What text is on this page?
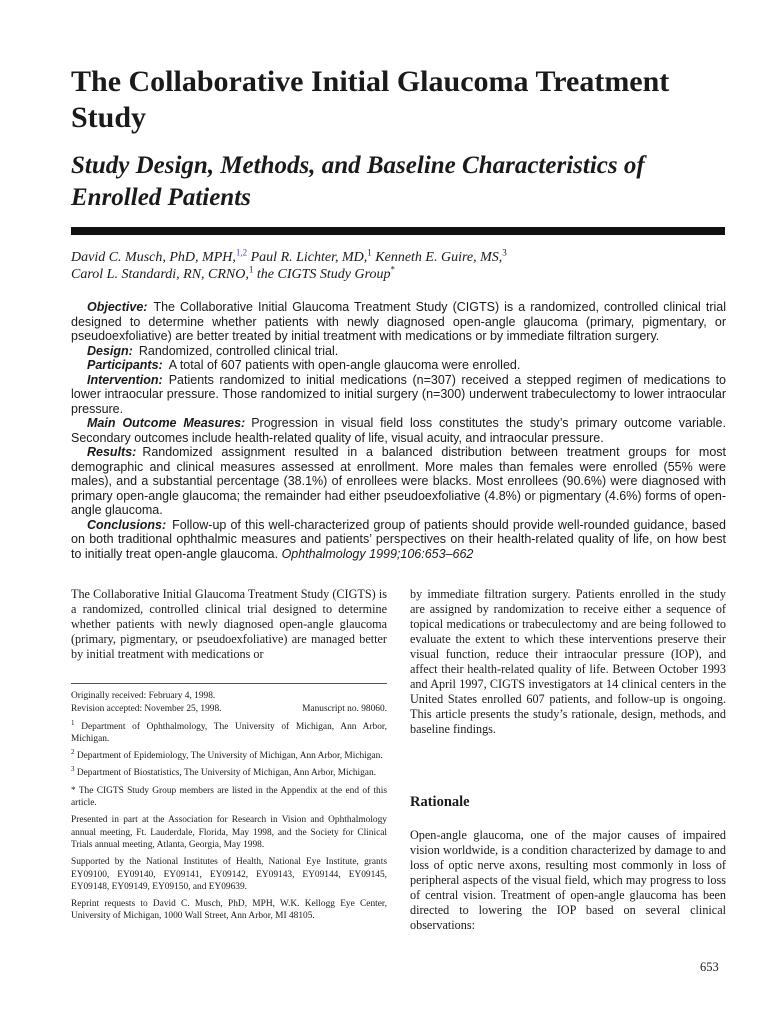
The Collaborative Initial Glaucoma Treatment Study
Study Design, Methods, and Baseline Characteristics of Enrolled Patients
David C. Musch, PhD, MPH,$^{1,2}$ Paul R. Lichter, MD,$^1$ Kenneth E. Guire, MS,$^3$
Carol L. Standardi, RN, CRNO,$^1$ the CIGTS Study Group*

Objective: The Collaborative Initial Glaucoma Treatment Study (CIGTS) is a randomized, controlled clinical trial designed to determine whether patients with newly diagnosed open-angle glaucoma (primary, pigmentary, or pseudoexfoliative) are better treated by initial treatment with medications or by immediate filtration surgery.

Design: Randomized, controlled clinical trial.

Participants: A total of 607 patients with open-angle glaucoma were enrolled.

Intervention: Patients randomized to initial medications (n=307) received a stepped regimen of medications to lower intraocular pressure. Those randomized to initial surgery (n=300) underwent trabeculectomy to lower intraocular pressure.

Main Outcome Measures: Progression in visual field loss constitutes the study’s primary outcome variable. Secondary outcomes include health-related quality of life, visual acuity, and intraocular pressure.

Results: Randomized assignment resulted in a balanced distribution between treatment groups for most demographic and clinical measures assessed at enrollment. More males than females were enrolled (55% were males), and a substantial percentage (38.1%) of enrollees were blacks. Most enrollees (90.6%) were diagnosed with primary open-angle glaucoma; the remainder had either pseudoexfoliative (4.8%) or pigmentary (4.6%) forms of open-angle glaucoma.

Conclusions: Follow-up of this well-characterized group of patients should provide well-rounded guidance, based on both traditional ophthalmic measures and patients’ perspectives on their health-related quality of life, on how best to initially treat open-angle glaucoma. Ophthalmology 1999;106:653–662

The Collaborative Initial Glaucoma Treatment Study (CIGTS) is a randomized, controlled clinical trial designed to determine whether patients with newly diagnosed open-angle glaucoma (primary, pigmentary, or pseudoexfoliative) are managed better by initial treatment with medications or

Originally received: February 4, 1998.

Revision accepted: November 25, 1998.	Manuscript no. 98060.

$^1$ Department of Ophthalmology, The University of Michigan, Ann Arbor, Michigan.

$^2$ Department of Epidemiology, The University of Michigan, Ann Arbor, Michigan.

$^3$ Department of Biostatistics, The University of Michigan, Ann Arbor, Michigan.

* The CIGTS Study Group members are listed in the Appendix at the end of this article.

Presented in part at the Association for Research in Vision and Ophthalmology annual meeting, Ft. Lauderdale, Florida, May 1998, and the Society for Clinical Trials annual meeting, Atlanta, Georgia, May 1998.

Supported by the National Institutes of Health, National Eye Institute, grants EY09100, EY09140, EY09141, EY09142, EY09143, EY09144, EY09145, EY09148, EY09149, EY09150, and EY09639.

Reprint requests to David C. Musch, PhD, MPH, W.K. Kellogg Eye Center, University of Michigan, 1000 Wall Street, Ann Arbor, MI 48105.

by immediate filtration surgery. Patients enrolled in the study are assigned by randomization to receive either a sequence of topical medications or trabeculectomy and are being followed to evaluate the extent to which these interventions preserve their visual function, reduce their intraocular pressure (IOP), and affect their health-related quality of life. Between October 1993 and April 1997, CIGTS investigators at 14 clinical centers in the United States enrolled 607 patients, and follow-up is ongoing. This article presents the study’s rationale, design, methods, and baseline findings.

Rationale

Open-angle glaucoma, one of the major causes of impaired vision worldwide, is a condition characterized by damage to and loss of optic nerve axons, resulting most commonly in loss of peripheral aspects of the visual field, which may progress to loss of central vision. Treatment of open-angle glaucoma has been directed to lowering the IOP based on several clinical observations:

653
